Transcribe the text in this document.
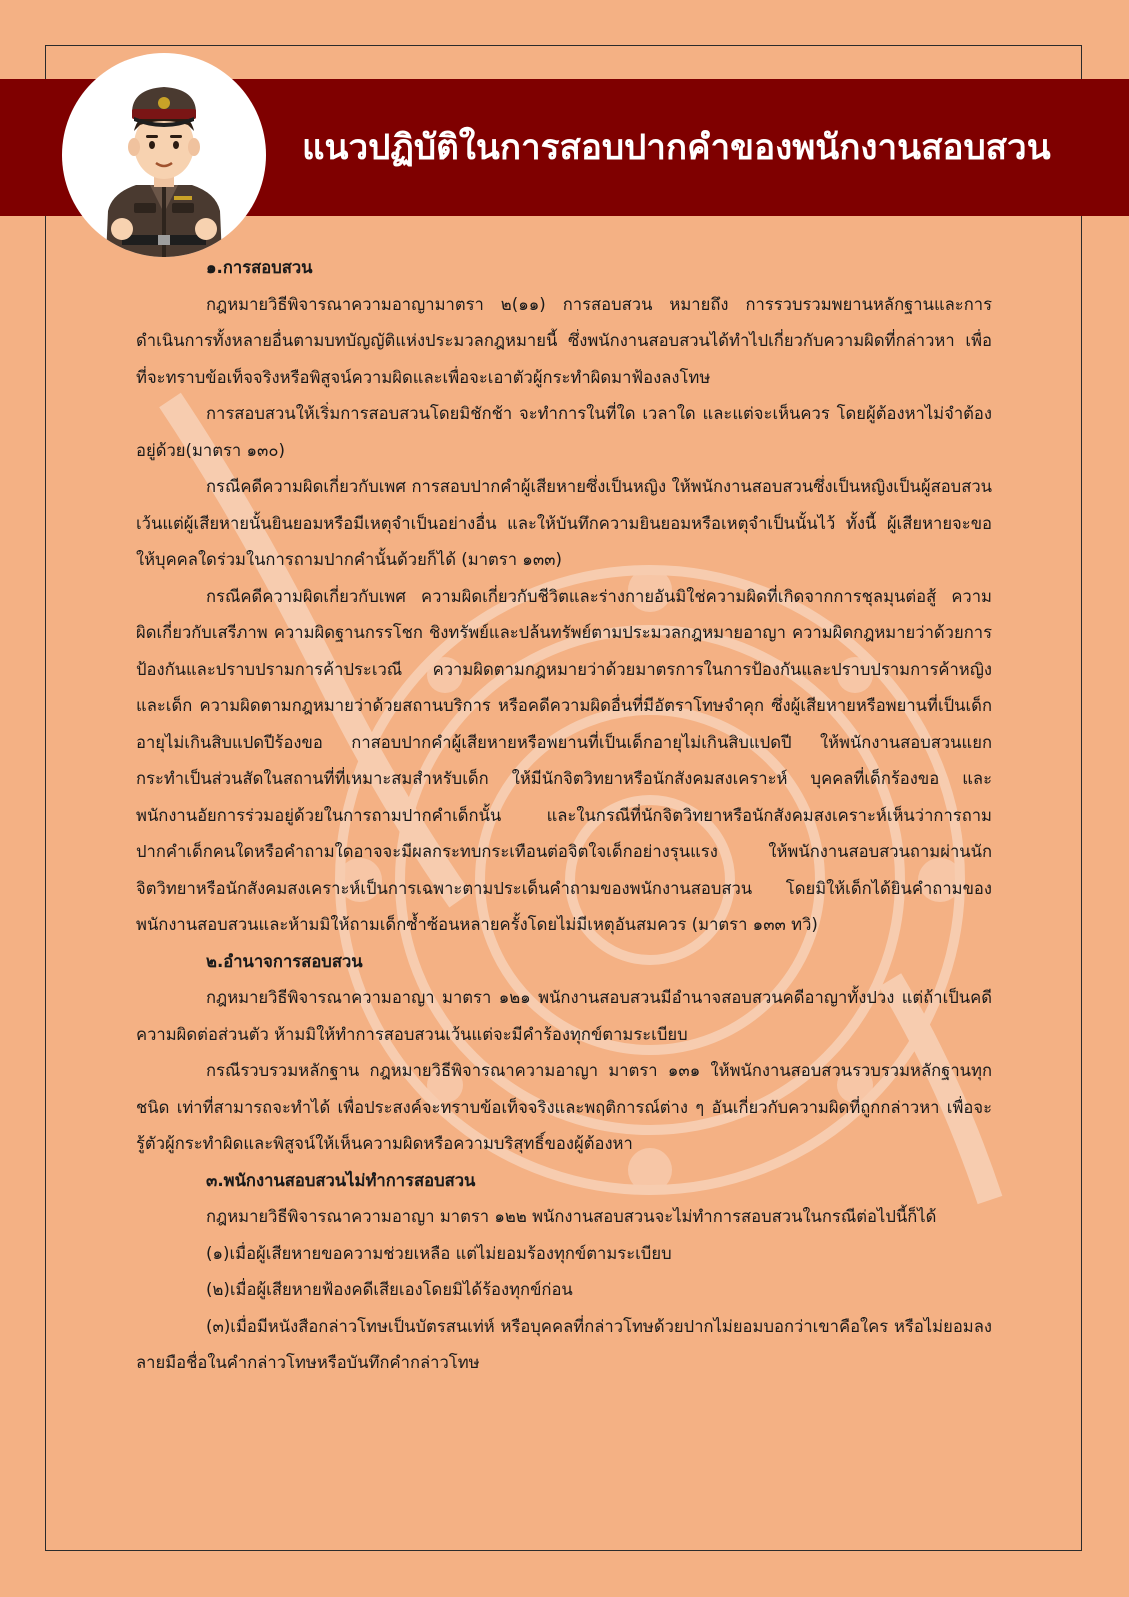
แนวปฏิบัติในการสอบปากคำของพนักงานสอบสวน

๑.การสอบสวน

กฎหมายวิธีพิจารณาความอาญามาตรา ๒(๑๑) การสอบสวน หมายถึง การรวบรวมพยานหลักฐานและการดำเนินการทั้งหลายอื่นตามบทบัญญัติแห่งประมวลกฎหมายนี้ ซึ่งพนักงานสอบสวนได้ทำไปเกี่ยวกับความผิดที่กล่าวหา เพื่อที่จะทราบข้อเท็จจริงหรือพิสูจน์ความผิดและเพื่อจะเอาตัวผู้กระทำผิดมาฟ้องลงโทษ

การสอบสวนให้เริ่มการสอบสวนโดยมิชักช้า จะทำการในที่ใด เวลาใด และแต่จะเห็นควร โดยผู้ต้องหาไม่จำต้องอยู่ด้วย(มาตรา ๑๓๐)

กรณีคดีความผิดเกี่ยวกับเพศ การสอบปากคำผู้เสียหายซึ่งเป็นหญิง ให้พนักงานสอบสวนซึ่งเป็นหญิงเป็นผู้สอบสวน เว้นแต่ผู้เสียหายนั้นยินยอมหรือมีเหตุจำเป็นอย่างอื่น และให้บันทึกความยินยอมหรือเหตุจำเป็นนั้นไว้ ทั้งนี้ ผู้เสียหายจะขอให้บุคคลใดร่วมในการถามปากคำนั้นด้วยก็ได้ (มาตรา ๑๓๓)

กรณีคดีความผิดเกี่ยวกับเพศ ความผิดเกี่ยวกับชีวิตและร่างกายอันมิใช่ความผิดที่เกิดจากการชุลมุนต่อสู้ ความผิดเกี่ยวกับเสรีภาพ ความผิดฐานกรรโชก ชิงทรัพย์และปล้นทรัพย์ตามประมวลกฎหมายอาญา ความผิดกฎหมายว่าด้วยการป้องกันและปราบปรามการค้าประเวณี ความผิดตามกฎหมายว่าด้วยมาตรการในการป้องกันและปราบปรามการค้าหญิงและเด็ก ความผิดตามกฎหมายว่าด้วยสถานบริการ หรือคดีความผิดอื่นที่มีอัตราโทษจำคุก ซึ่งผู้เสียหายหรือพยานที่เป็นเด็กอายุไม่เกินสิบแปดปีร้องขอ กาสอบปากคำผู้เสียหายหรือพยานที่เป็นเด็กอายุไม่เกินสิบแปดปี ให้พนักงานสอบสวนแยกกระทำเป็นส่วนสัดในสถานที่ที่เหมาะสมสำหรับเด็ก ให้มีนักจิตวิทยาหรือนักสังคมสงเคราะห์ บุคคลที่เด็กร้องขอ และพนักงานอัยการร่วมอยู่ด้วยในการถามปากคำเด็กนั้น และในกรณีที่นักจิตวิทยาหรือนักสังคมสงเคราะห์เห็นว่าการถามปากคำเด็กคนใดหรือคำถามใดอาจจะมีผลกระทบกระเทือนต่อจิตใจเด็กอย่างรุนแรง ให้พนักงานสอบสวนถามผ่านนักจิตวิทยาหรือนักสังคมสงเคราะห์เป็นการเฉพาะตามประเด็นคำถามของพนักงานสอบสวน โดยมิให้เด็กได้ยินคำถามของพนักงานสอบสวนและห้ามมิให้ถามเด็กซ้ำซ้อนหลายครั้งโดยไม่มีเหตุอันสมควร (มาตรา ๑๓๓ ทวิ)

๒.อำนาจการสอบสวน

กฎหมายวิธีพิจารณาความอาญา มาตรา ๑๒๑ พนักงานสอบสวนมีอำนาจสอบสวนคดีอาญาทั้งปวง แต่ถ้าเป็นคดีความผิดต่อส่วนตัว ห้ามมิให้ทำการสอบสวนเว้นแต่จะมีคำร้องทุกข์ตามระเบียบ

กรณีรวบรวมหลักฐาน กฎหมายวิธีพิจารณาความอาญา มาตรา ๑๓๑ ให้พนักงานสอบสวนรวบรวมหลักฐานทุกชนิด เท่าที่สามารถจะทำได้ เพื่อประสงค์จะทราบข้อเท็จจริงและพฤติการณ์ต่าง ๆ อันเกี่ยวกับความผิดที่ถูกกล่าวหา เพื่อจะรู้ตัวผู้กระทำผิดและพิสูจน์ให้เห็นความผิดหรือความบริสุทธิ์ของผู้ต้องหา

๓.พนักงานสอบสวนไม่ทำการสอบสวน

กฎหมายวิธีพิจารณาความอาญา มาตรา ๑๒๒ พนักงานสอบสวนจะไม่ทำการสอบสวนในกรณีต่อไปนี้ก็ได้

(๑)เมื่อผู้เสียหายขอความช่วยเหลือ แต่ไม่ยอมร้องทุกข์ตามระเบียบ

(๒)เมื่อผู้เสียหายฟ้องคดีเสียเองโดยมิได้ร้องทุกข์ก่อน

(๓)เมื่อมีหนังสือกล่าวโทษเป็นบัตรสนเท่ห์ หรือบุคคลที่กล่าวโทษด้วยปากไม่ยอมบอกว่าเขาคือใคร หรือไม่ยอมลงลายมือชื่อในคำกล่าวโทษหรือบันทึกคำกล่าวโทษ
